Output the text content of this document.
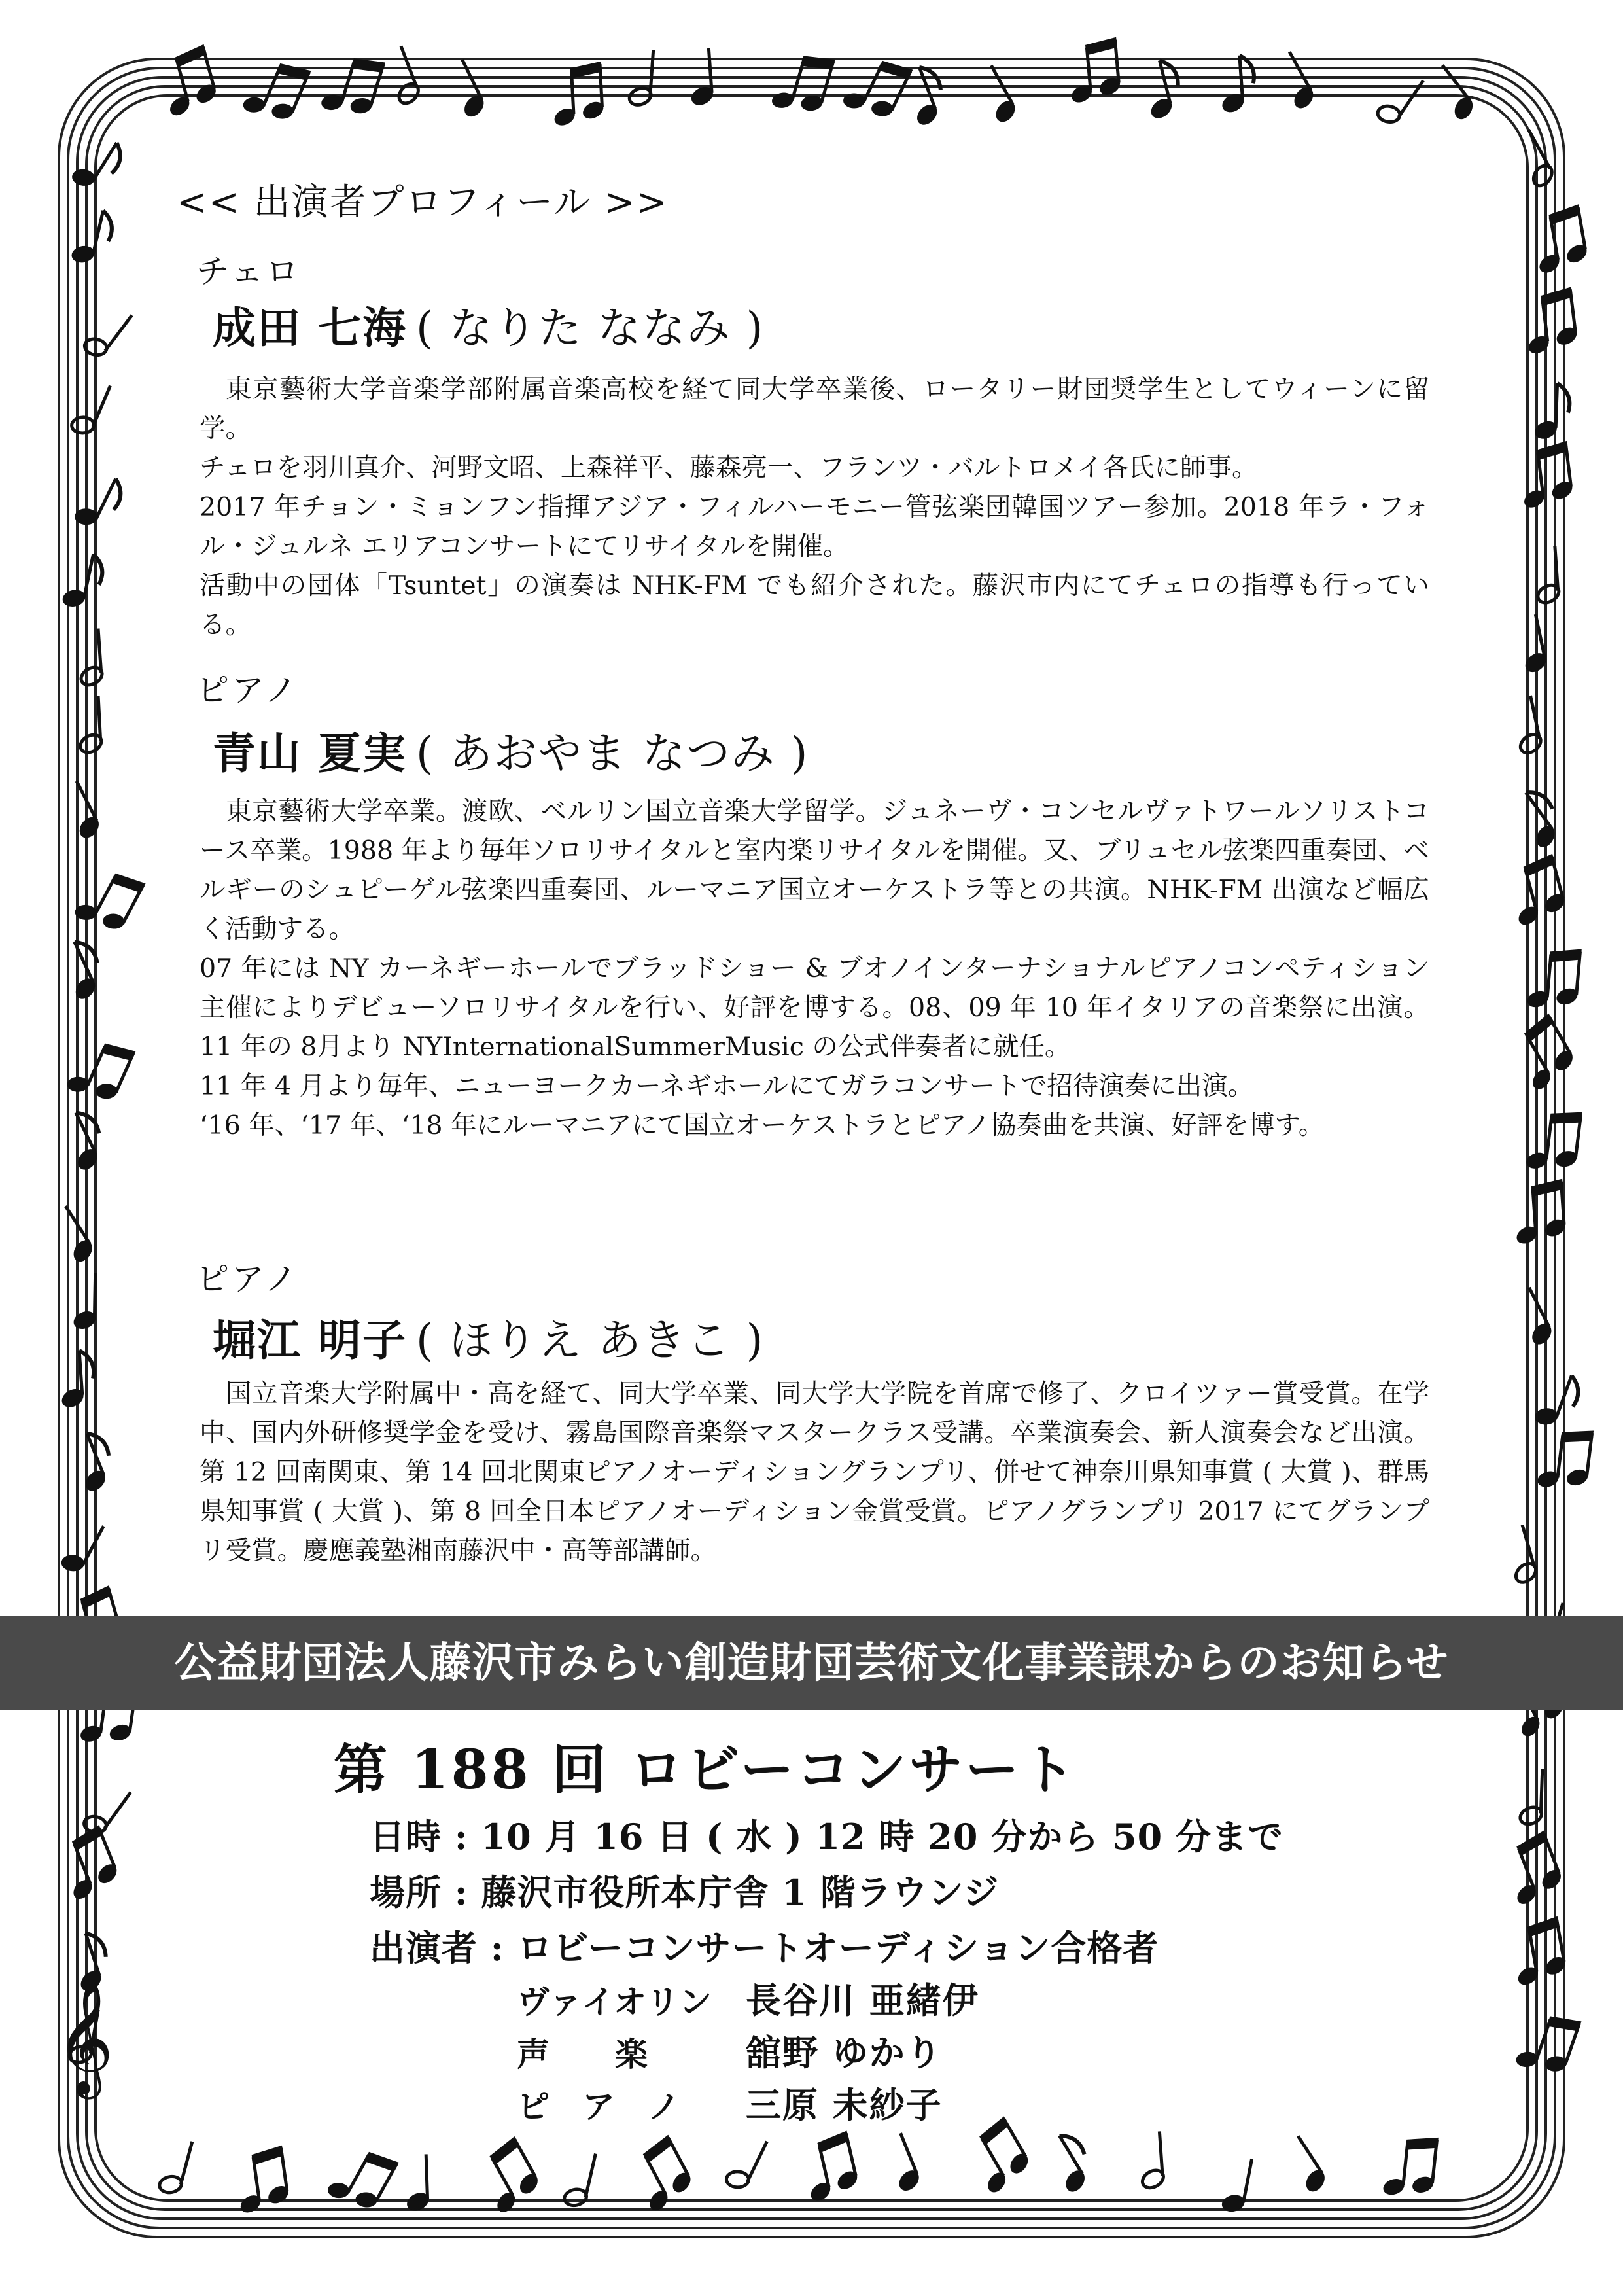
𝄞
<< 出演者プロフィール >>
チェロ
成田 七海 ( なりた ななみ )

東京藝術大学音楽学部附属音楽高校を経て同大学卒業後、ロータリー財団奨学生としてウィーンに留学。

チェロを羽川真介、河野文昭、上森祥平、藤森亮一、フランツ・バルトロメイ各氏に師事。

2017 年チョン・ミョンフン指揮アジア・フィルハーモニー管弦楽団韓国ツアー参加。2018 年ラ・フォル・ジュルネ エリアコンサートにてリサイタルを開催。

活動中の団体「Tsuntet」の演奏は NHK-FM でも紹介された。藤沢市内にてチェロの指導も行っている。

ピアノ
青山 夏実 ( あおやま なつみ )

東京藝術大学卒業。渡欧、ベルリン国立音楽大学留学。ジュネーヴ・コンセルヴァトワールソリストコース卒業。1988 年より毎年ソロリサイタルと室内楽リサイタルを開催。又、ブリュセル弦楽四重奏団、ベルギーのシュピーゲル弦楽四重奏団、ルーマニア国立オーケストラ等との共演。NHK-FM 出演など幅広く活動する。

07 年には NY カーネギーホールでブラッドショー & ブオノインターナショナルピアノコンペティション主催によりデビューソロリサイタルを行い、好評を博する。08、09 年 10 年イタリアの音楽祭に出演。11 年の 8月より NYInternationalSummerMusic の公式伴奏者に就任。

11 年 4 月より毎年、ニューヨークカーネギホールにてガラコンサートで招待演奏に出演。

‘16 年、‘17 年、‘18 年にルーマニアにて国立オーケストラとピアノ協奏曲を共演、好評を博す。

ピアノ
堀江 明子 ( ほりえ あきこ )

国立音楽大学附属中・高を経て、同大学卒業、同大学大学院を首席で修了、クロイツァー賞受賞。在学中、国内外研修奨学金を受け、霧島国際音楽祭マスタークラス受講。卒業演奏会、新人演奏会など出演。第 12 回南関東、第 14 回北関東ピアノオーディショングランプリ、併せて神奈川県知事賞 ( 大賞 )、群馬県知事賞 ( 大賞 )、第 8 回全日本ピアノオーディション金賞受賞。ピアノグランプリ 2017 にてグランプリ受賞。慶應義塾湘南藤沢中・高等部講師。

公益財団法人藤沢市みらい創造財団芸術文化事業課からのお知らせ
第 188 回 ロビーコンサート
日時 : 10 月 16 日 ( 水 ) 12 時 20 分から 50 分まで
場所 : 藤沢市役所本庁舎 1 階ラウンジ
出演者 : ロビーコンサートオーディション合格者
ヴァイオリン 長谷川 亜緒伊
声　　楽	舘野 ゆかり
ピ　ア　ノ 三原 未紗子
